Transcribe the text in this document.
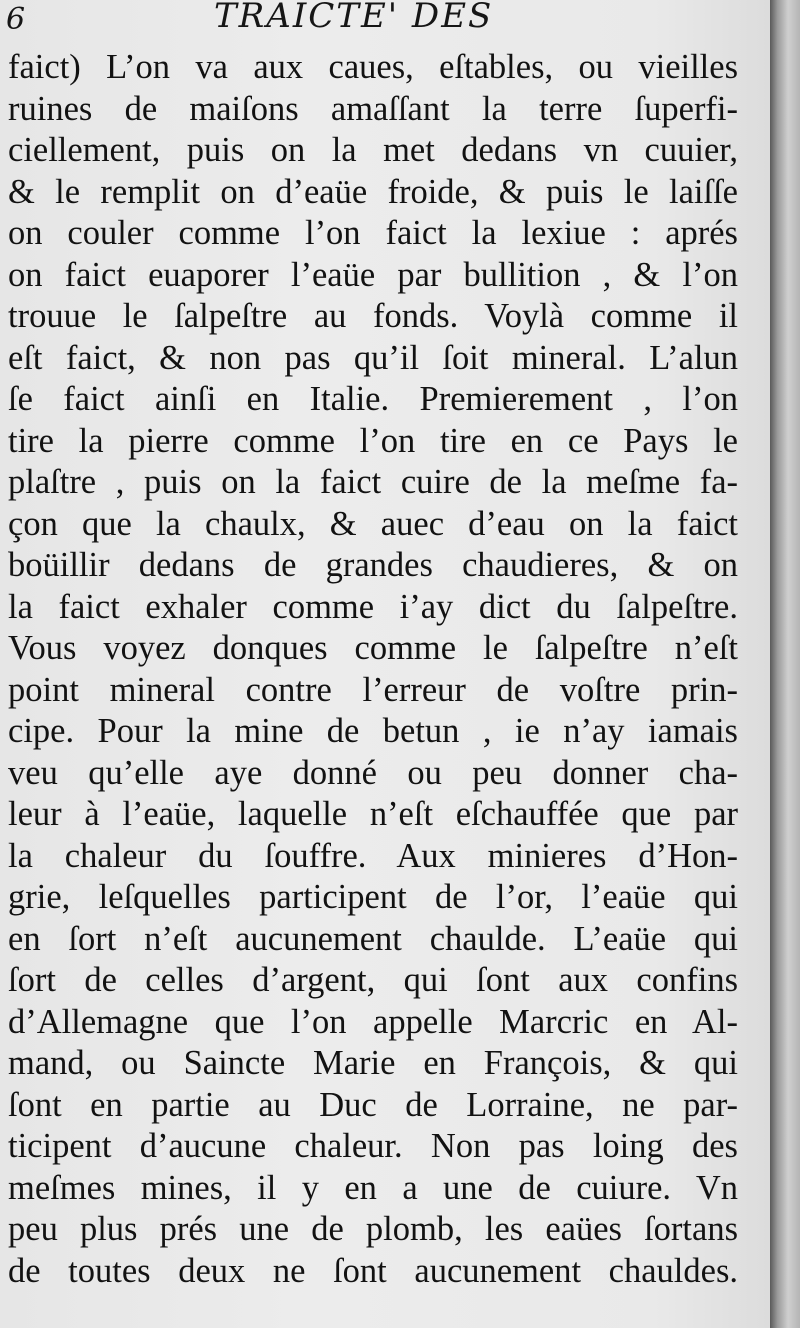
6	TRAICTE' DES
faict) L’on va aux caues, eſtables, ou vieilles
ruines de maiſons amaſſant la terre ſuperfi-
ciellement, puis on la met dedans vn cuuier,
& le remplit on d’eaüe froide, & puis le laiſſe
on couler comme l’on faict la lexiue : aprés
on faict euaporer l’eaüe par bullition , & l’on
trouue le ſalpeſtre au fonds. Voylà comme il
eſt faict, & non pas qu’il ſoit mineral. L’alun
ſe faict ainſi en Italie. Premierement , l’on
tire la pierre comme l’on tire en ce Pays le
plaſtre , puis on la faict cuire de la meſme fa-
çon que la chaulx, & auec d’eau on la faict
boüillir dedans de grandes chaudieres, & on
la faict exhaler comme i’ay dict du ſalpeſtre.
Vous voyez donques comme le ſalpeſtre n’eſt
point mineral contre l’erreur de voſtre prin-
cipe. Pour la mine de betun , ie n’ay iamais
veu qu’elle aye donné ou peu donner cha-
leur à l’eaüe, laquelle n’eſt eſchauffée que par
la chaleur du ſouffre. Aux minieres d’Hon-
grie, leſquelles participent de l’or, l’eaüe qui
en ſort n’eſt aucunement chaulde. L’eaüe qui
ſort de celles d’argent, qui ſont aux confins
d’Allemagne que l’on appelle Marcric en Al-
mand, ou Saincte Marie en François, & qui
ſont en partie au Duc de Lorraine, ne par-
ticipent d’aucune chaleur. Non pas loing des
meſmes mines, il y en a une de cuiure. Vn
peu plus prés une de plomb, les eaües ſortans
de toutes deux ne ſont aucunement chauldes.
